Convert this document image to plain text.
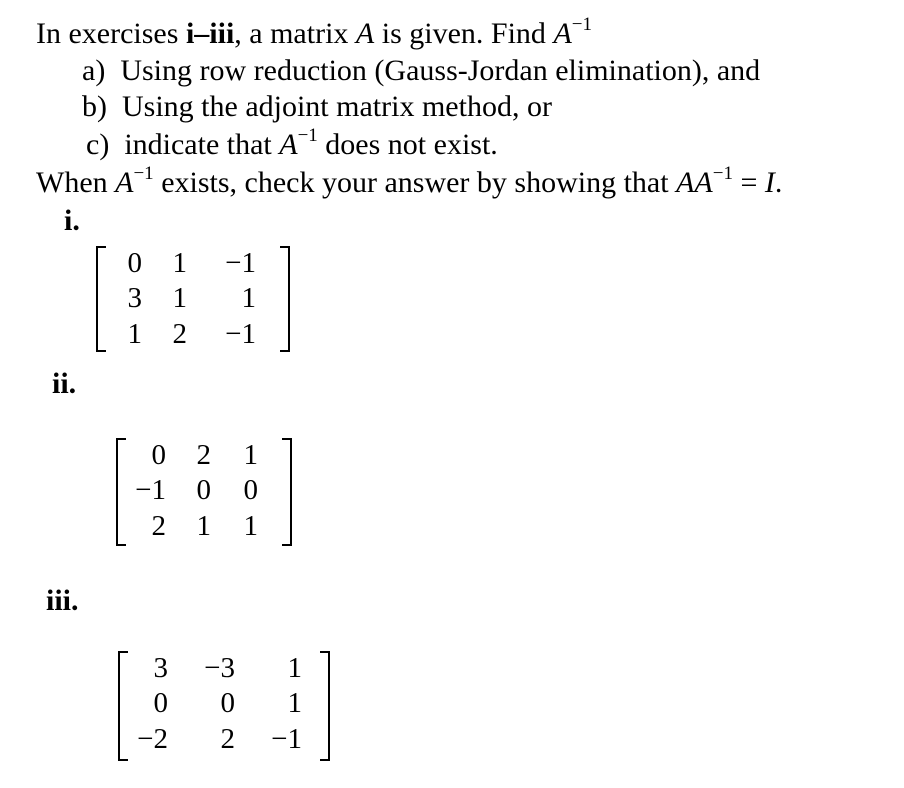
In exercises i–iii, a matrix A is given. Find $A^{-1}$
a) Using row reduction (Gauss-Jordan elimination), and
b) Using the adjoint matrix method, or
c) indicate that $A^{-1}$ does not exist.
When $A^{-1}$ exists, check your answer by showing that $AA^{-1} = I$.
i.
0	1	−1
3	1	1
1	2	−1
ii.
0	2	1
−1	0	0
2	1	1
iii.
3	−3	1
0	0	1
−2	2	−1
